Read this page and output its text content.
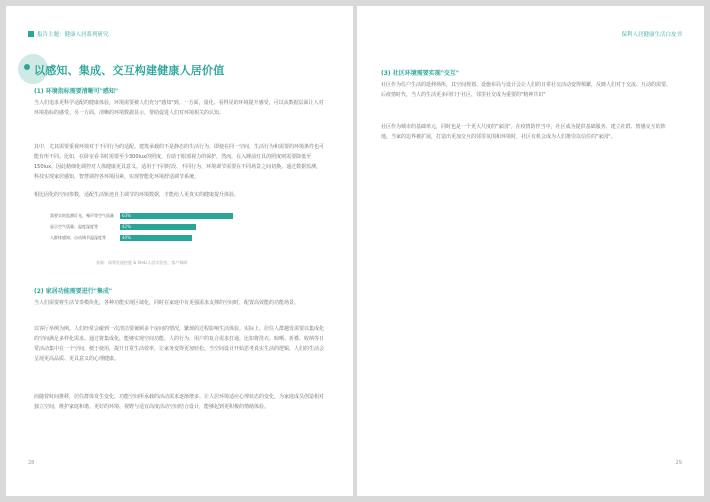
报告主题：健康人居系列研究
以感知、集成、交互构建健康人居价值
(1) 环境指标需要清晰可"感知"
当人们追求更科学适配的健康体验，环境需要被人们充分"感知"到。一方面，量化、看得见的环境提升感受，可以从数据层面让人对环境指标的感受。另一方面，清晰的环境数据显示，帮助促进人们对环境相关的认知。
其中，尤其需要重视环境对于不同行为的适配。建筑承载的不是静态的生活行为，即使在同一空间，生活行为和需要的环境条件也可能有所不同。比如，在卧室看书时需要至少300lux的照度，有助于眼部视力的保护，然而，在入睡前灯具的照度则需要降低至150lux。因此精细化调控对人体健康更具意义。适用于不同时段、不同行为，环境调节需要在不同场景之间切换。通过数据监测，科技实现家居感知，智慧调控各环境因素，实现智能化环境舒适调节系统。
相比固化的空间参数，适配生活轨迹自主调节的环境数据，才能给人更真实的健康提升体验。
需要实时监测灯光、噪声等空气质量	63%
显示空气质量、温度湿度等	42%
人群体感知、自动调节温湿度等	40%
来源：保利发展控股 & VieLi人居实验室、客户调研
(2) 家居功能需要进行"集成"
当人们需要将生活节奏模块化，各种功能实现区域化，同时在家庭中有更强需求支撑的空间时，配置高效能的功能场景。
以客厅举例为例。人们经常会碰到一次清洁要兼顾多个房间的情况，繁琐的过程影响生活体验。实际上，居住人群越发需要以集成化的空间满足多样化需求。通过将集成化，能够实现空间功能、人的行为、用户的复合需求打通。比如将洗衣、晾晒、折叠、收纳等日常活动集中在一个空间，便于使用，提升日常生活效率，让家务变得更加轻松。当空间设计开始思考真实生活的逻辑，人们的生活会呈现更高品质、更具意义的心理健康。
而随着时间推移，居住群体发生变化，功能空间所承载的活动需求逐渐增多。让人居环境适应心理状态的变化，为家庭成员创造相对独立空间，维护家庭和谐。更好的环境、视野与适宜高度活动空间结合设计，能够起到更积极的情绪体验。
28
保利人居健康生活白皮书
(3) 社区环境需要实现"交互"
社区作为住户生活的延伸场所，其空间规划、设施布局与设计会让人们的日常社交活动变得频繁，反映人们对于交流、互动的需要。后疫情时代，当人的生活更多回归于社区，邻里社交成为重要的"精神共识"
社区作为城市的基础单元，同时也是一个更大尺度的"家园"。在疫情防控当中，社区成为提供基础服务、建立社群、情感交互的阵地。当家的边界被扩展，打造出更加交互的邻里氛围和环境时，社区有机会成为人们推崇以信任的"家园"。
29
